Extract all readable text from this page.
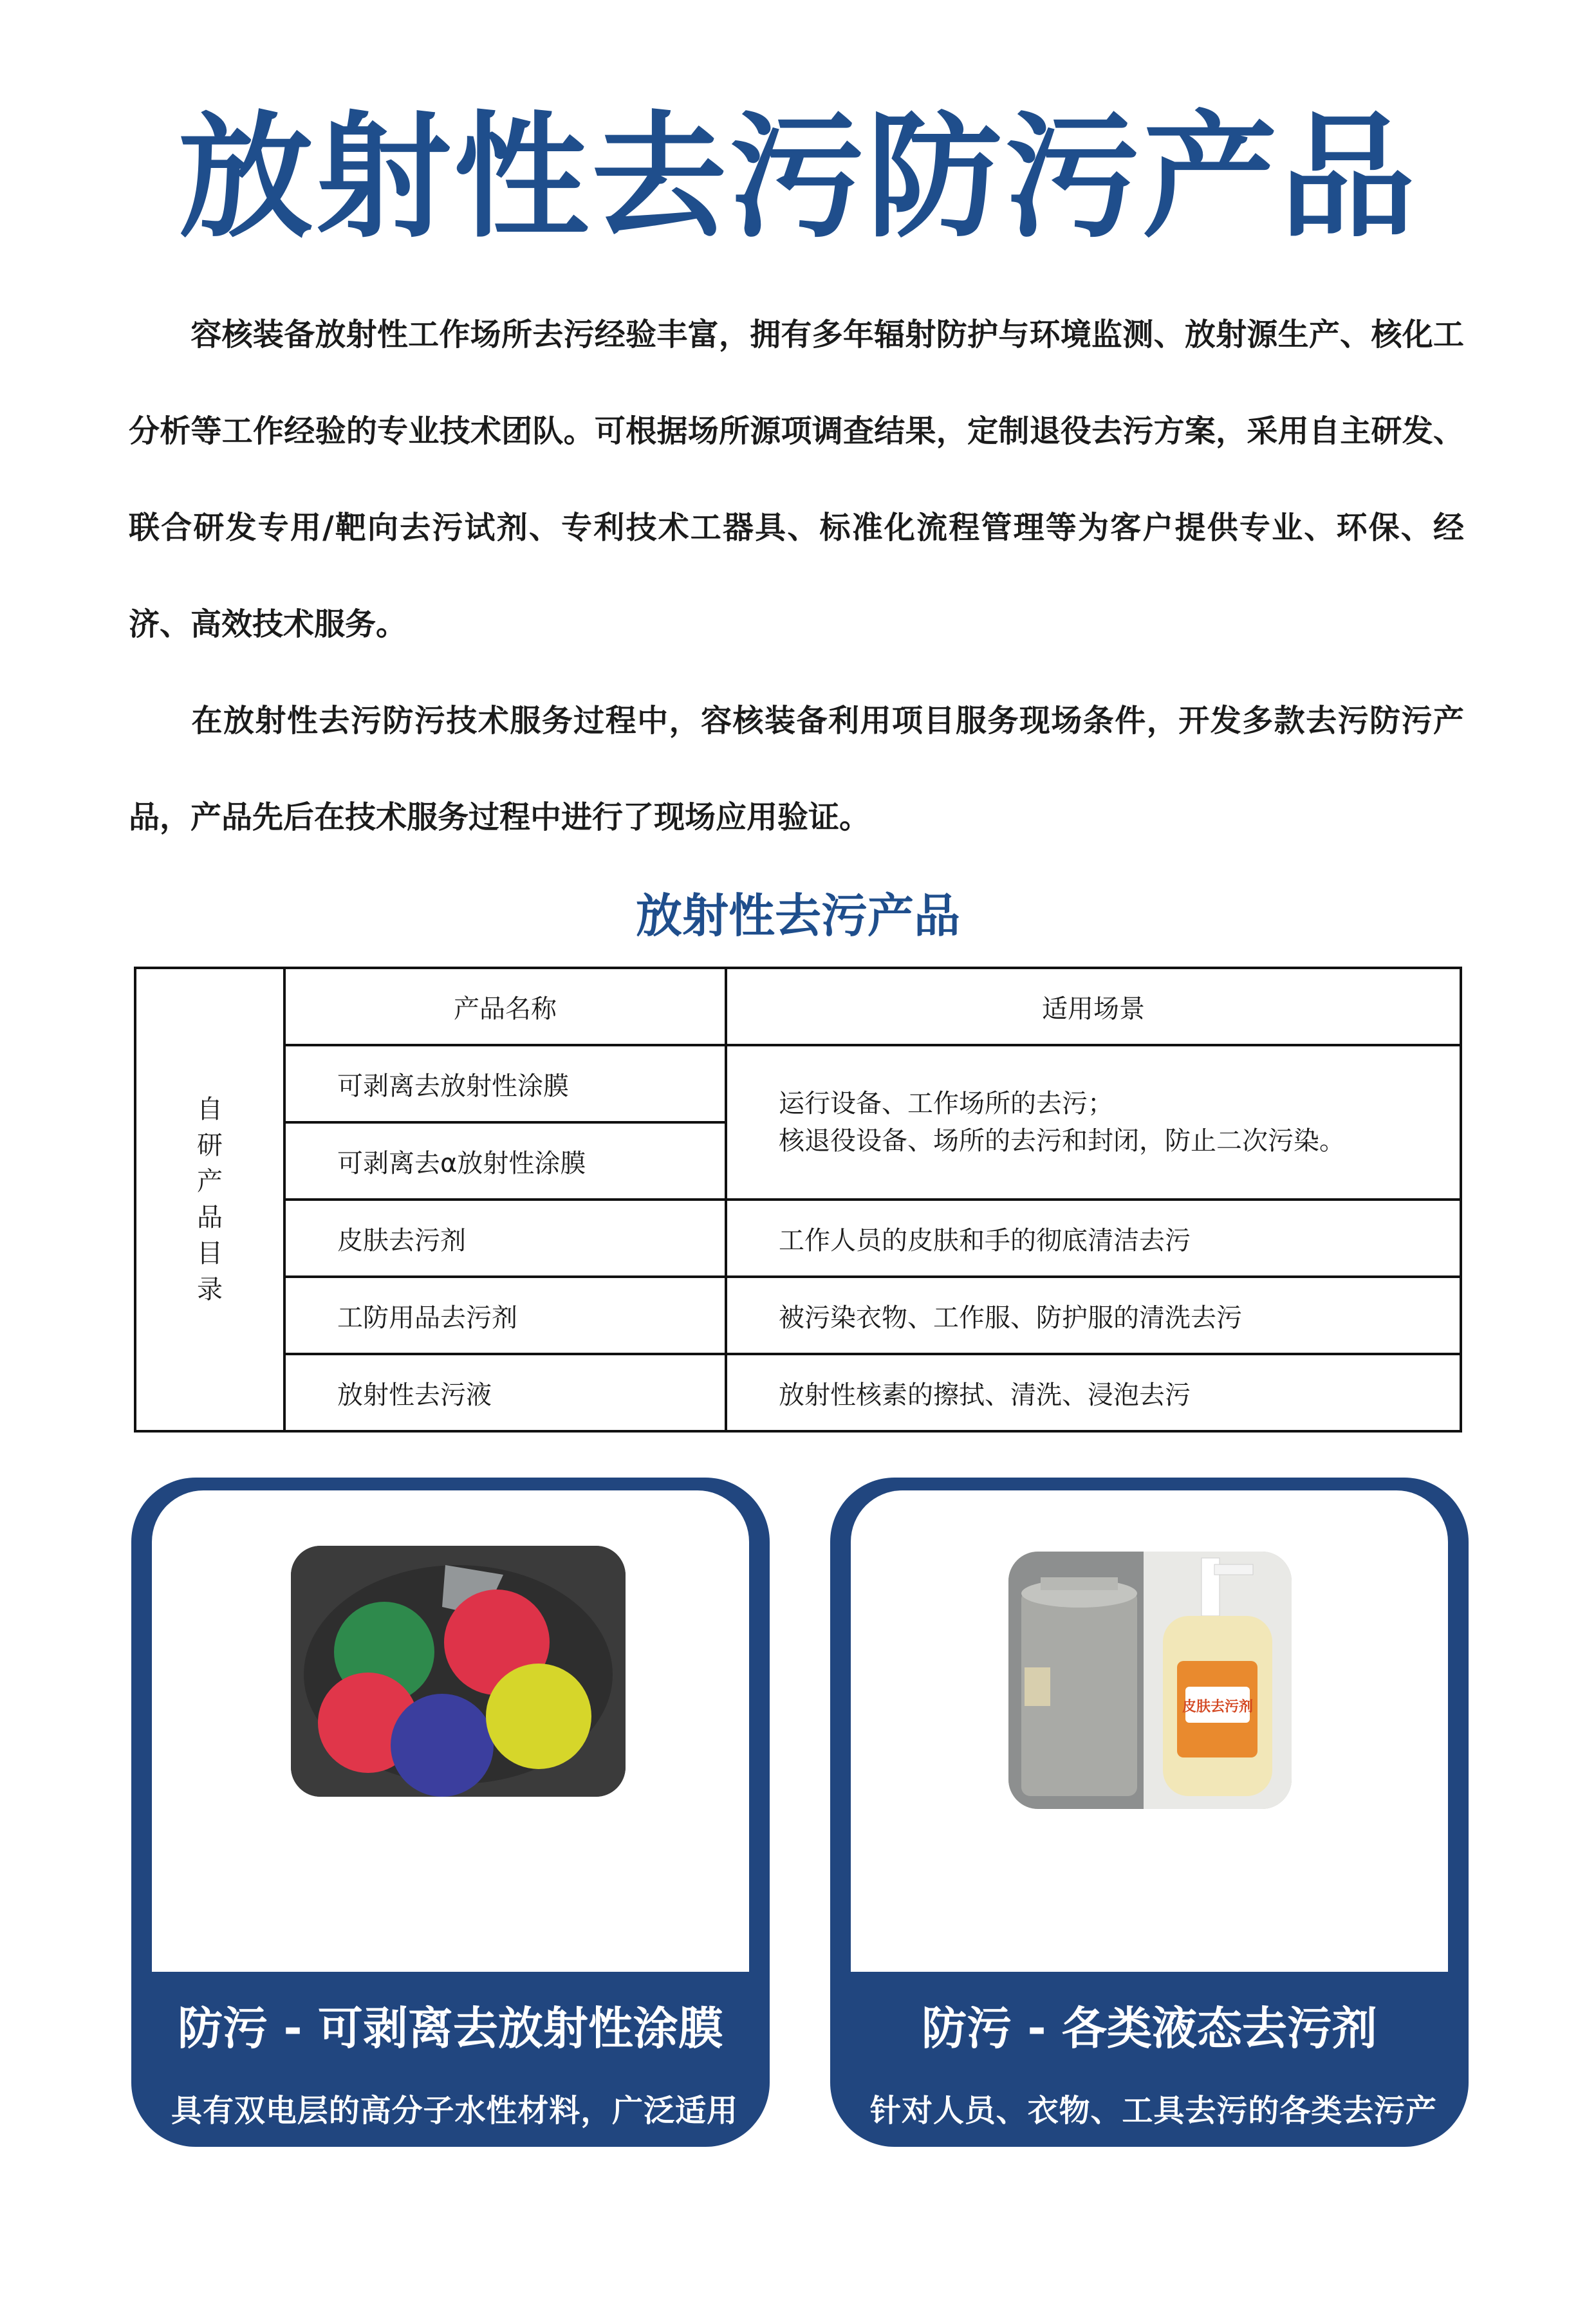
放射性去污防污产品
容核装备放射性工作场所去污经验丰富，拥有多年辐射防护与环境监测、放射源生产、核化工分析等工作经验的专业技术团队。可根据场所源项调查结果，定制退役去污方案，采用自主研发、联合研发专用/靶向去污试剂、专利技术工器具、标准化流程管理等为客户提供专业、环保、经济、高效技术服务。
在放射性去污防污技术服务过程中，容核装备利用项目服务现场条件，开发多款去污防污产品，产品先后在技术服务过程中进行了现场应用验证。
放射性去污产品
自研产品目录	产品名称	适用场景
	可剥离去放射性涂膜	运行设备、工作场所的去污；
核退役设备、场所的去污和封闭，防止二次污染。

	可剥离去α放射性涂膜	
	皮肤去污剂	工作人员的皮肤和手的彻底清洁去污
	工防用品去污剂	被污染衣物、工作服、防护服的清洗去污
	放射性去污液	放射性核素的擦拭、清洗、浸泡去污
防污 - 可剥离去放射性涂膜
具有双电层的高分子水性材料，广泛适用表面松散核素去污，中性，环保，无毒，无腐蚀性，使用安全，可根据不同核素适当添加靶向助剂。
皮肤去污剂
防污 - 各类液态去污剂
针对人员、衣物、工具去污的各类去污产品。实现核设施运行单位、实验室及核技术应用等场景下与人相关的放射性去污。
